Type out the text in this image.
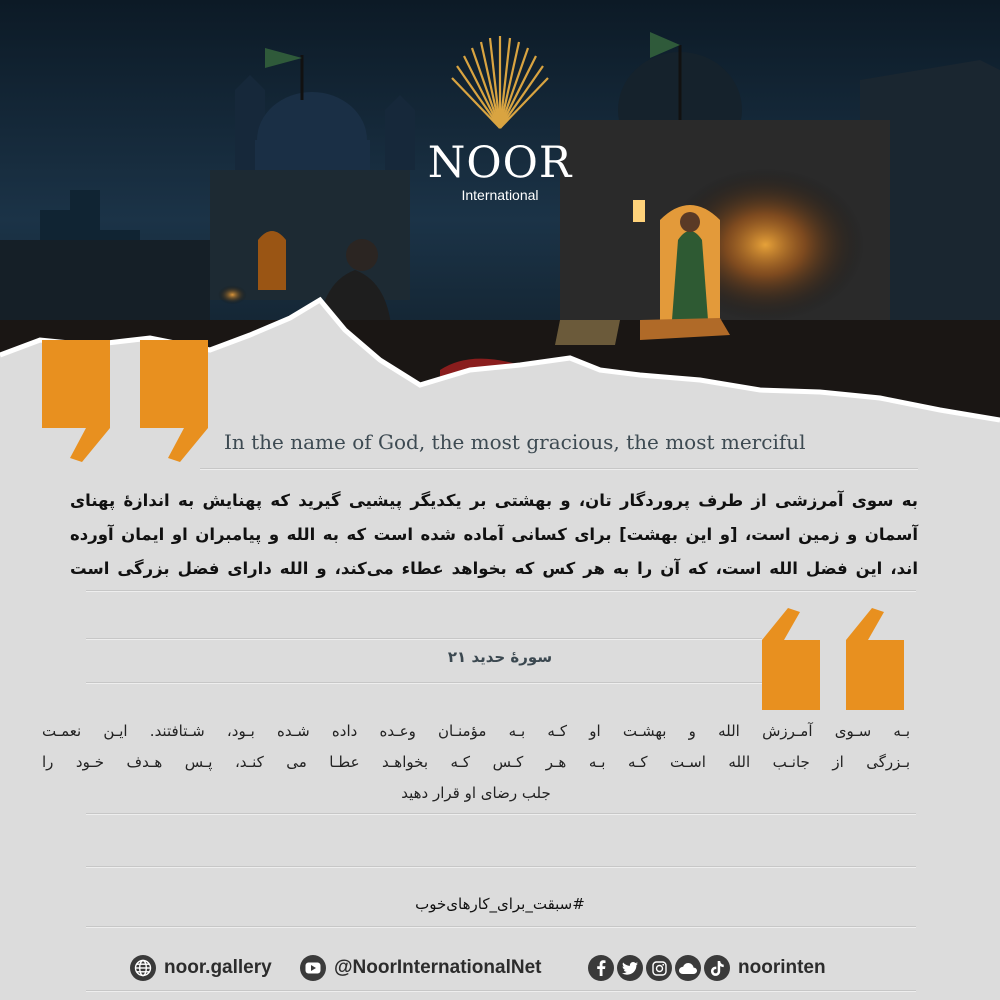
NOOR
International
In the name of God, the most gracious, the most merciful
به سوی آمرزشی از طرف پروردگار تان، و بهشتی بر یکدیگر پیشیی گیرید که پهنایش به اندازۀ پهنای
آسمان و زمین است، [و این بهشت] برای کسانی آماده شده است که به الله و پیامبران او ایمان آورده
اند، این فضل الله است، که آن را به هر کس که بخواهد عطاء می‌کند، و الله دارای فضل بزرگی است
سورۀ حدید ۲۱
بـه سـوی آمـرزش الله و بهشـت او کـه بـه مؤمنـان وعـده داده شـده بـود، شـتافتند. ایـن نعمـت
بـزرگی از جانـب الله اسـت کـه بـه هـر کـس کـه بخواهـد عطـا می کنـد، پـس هـدف خـود را
جلب رضای او قرار دهید
#سبقت_برای_کارهای‌خوب
noor.gallery	@NoorInternationalNet	noorinten
